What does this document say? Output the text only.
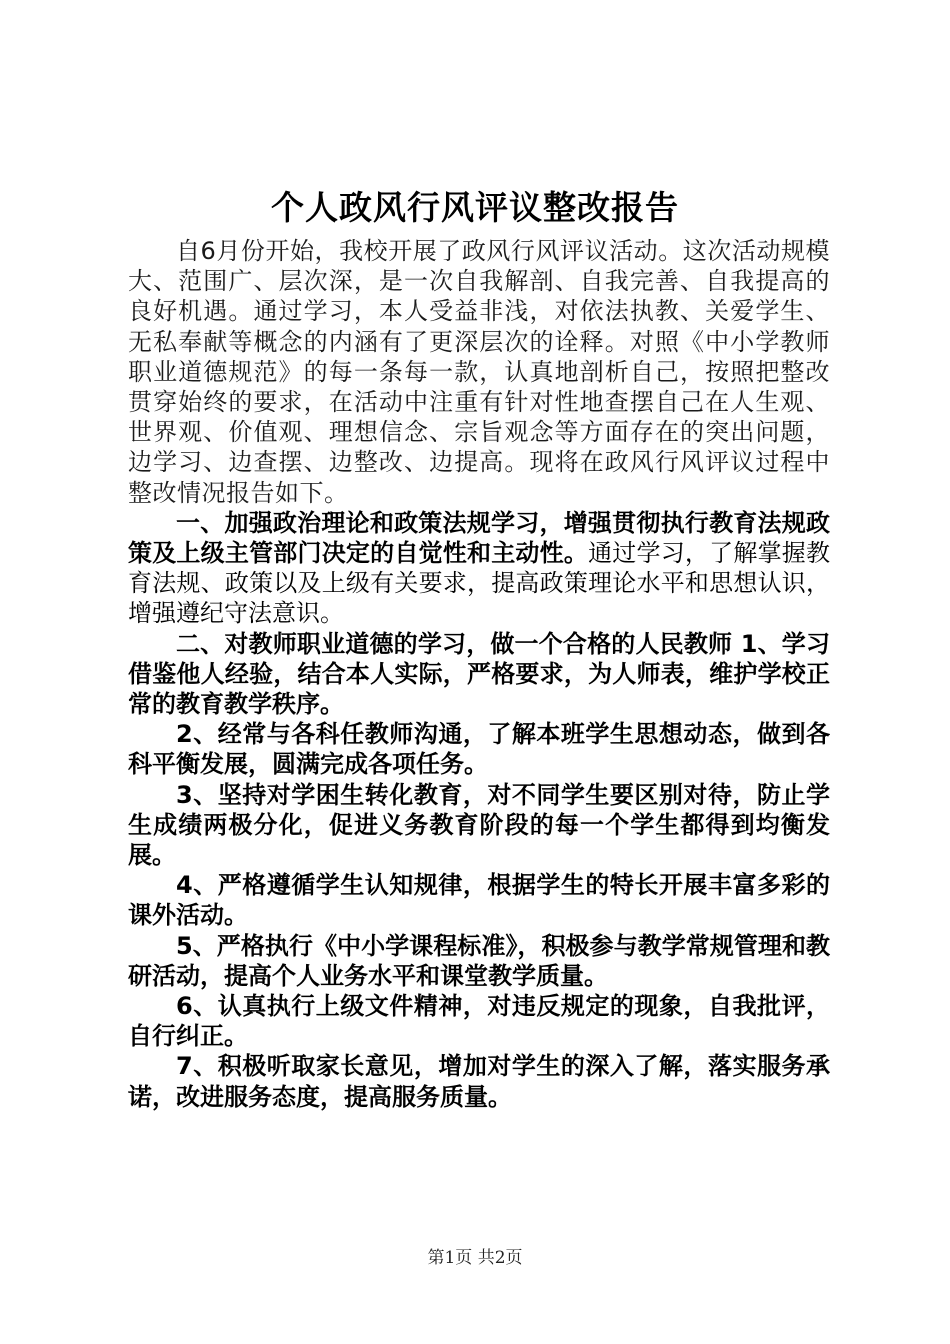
个人政风行风评议整改报告

自6月份开始，我校开展了政风行风评议活动。这次活动规模大、范围广、层次深，是一次自我解剖、自我完善、自我提高的良好机遇。通过学习，本人受益非浅，对依法执教、关爱学生、无私奉献等概念的内涵有了更深层次的诠释。对照《中小学教师职业道德规范》的每一条每一款，认真地剖析自己，按照把整改贯穿始终的要求，在活动中注重有针对性地查摆自己在人生观、世界观、价值观、理想信念、宗旨观念等方面存在的突出问题，边学习、边查摆、边整改、边提高。现将在政风行风评议过程中整改情况报告如下。

一、加强政治理论和政策法规学习，增强贯彻执行教育法规政策及上级主管部门决定的自觉性和主动性。通过学习，了解掌握教育法规、政策以及上级有关要求，提高政策理论水平和思想认识，增强遵纪守法意识。

二、对教师职业道德的学习，做一个合格的人民教师 1、学习借鉴他人经验，结合本人实际，严格要求，为人师表，维护学校正常的教育教学秩序。

2、经常与各科任教师沟通，了解本班学生思想动态，做到各科平衡发展，圆满完成各项任务。

3、坚持对学困生转化教育，对不同学生要区别对待，防止学生成绩两极分化，促进义务教育阶段的每一个学生都得到均衡发展。

4、严格遵循学生认知规律，根据学生的特长开展丰富多彩的课外活动。

5、严格执行《中小学课程标准》，积极参与教学常规管理和教研活动，提高个人业务水平和课堂教学质量。

6、认真执行上级文件精神，对违反规定的现象，自我批评，自行纠正。

7、积极听取家长意见，增加对学生的深入了解，落实服务承诺，改进服务态度，提高服务质量。

第1页 共2页
